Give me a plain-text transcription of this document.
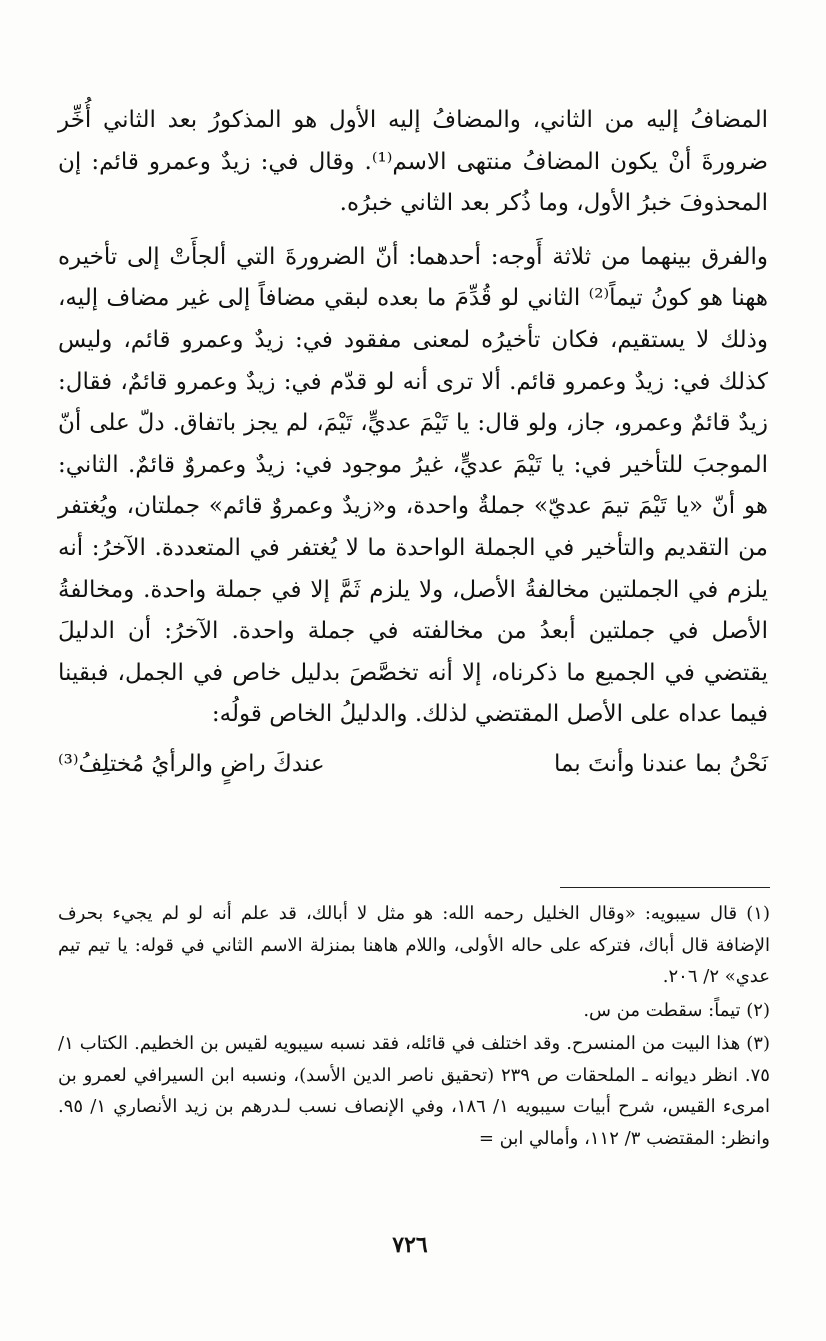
المضافُ إليه من الثاني، والمضافُ إليه الأول هو المذكورُ بعد الثاني أُخِّر ضرورةَ أنْ يكون المضافُ منتهى الاسم⁽¹⁾. وقال في: زيدٌ وعمرو قائم: إن المحذوفَ خبرُ الأول، وما ذُكر بعد الثاني خبرُه.

والفرق بينهما من ثلاثة أَوجه: أحدهما: أنّ الضرورةَ التي ألجأَتْ إلى تأخيره ههنا هو كونُ تيماً⁽²⁾ الثاني لو قُدِّمَ ما بعده لبقي مضافاً إلى غير مضاف إليه، وذلك لا يستقيم، فكان تأخيرُه لمعنى مفقود في: زيدٌ وعمرو قائم، وليس كذلك في: زيدٌ وعمرو قائم. ألا ترى أنه لو قدّم في: زيدٌ وعمرو قائمٌ، فقال: زيدٌ قائمٌ وعمرو، جاز، ولو قال: يا تَيْمَ عديٍّ، تَيْمَ، لم يجز باتفاق. دلّ على أنّ الموجبَ للتأخير في: يا تَيْمَ عديٍّ، غيرُ موجود في: زيدٌ وعمروٌ قائمٌ. الثاني: هو أنّ «يا تَيْمَ تيمَ عديّ» جملةٌ واحدة، و«زيدٌ وعمروٌ قائم» جملتان، ويُغتفر من التقديم والتأخير في الجملة الواحدة ما لا يُغتفر في المتعددة. الآخرُ: أنه يلزم في الجملتين مخالفةُ الأصل، ولا يلزم ثَمَّ إلا في جملة واحدة. ومخالفةُ الأصل في جملتين أبعدُ من مخالفته في جملة واحدة. الآخرُ: أن الدليلَ يقتضي في الجميع ما ذكرناه، إلا أنه تخصَّصَ بدليل خاص في الجمل، فبقينا فيما عداه على الأصل المقتضي لذلك. والدليلُ الخاص قولُه:

نَحْنُ بما عندنا وأنتَ بما
عندكَ راضٍ والرأيُ مُختلِفُ⁽³⁾

(١) قال سيبويه: «وقال الخليل رحمه الله: هو مثل لا أبالك، قد علم أنه لو لم يجيء بحرف الإضافة قال أباك، فتركه على حاله الأولى، واللام هاهنا بمنزلة الاسم الثاني في قوله: يا تيم تيم عدي» ٢/ ٢٠٦.

(٢) تيماً: سقطت من س.

(٣) هذا البيت من المنسرح. وقد اختلف في قائله، فقد نسبه سيبويه لقيس بن الخطيم. الكتاب ١/ ٧٥. انظر ديوانه ـ الملحقات ص ٢٣٩ (تحقيق ناصر الدين الأسد)، ونسبه ابن السيرافي لعمرو بن امرىء القيس، شرح أبيات سيبويه ١/ ١٨٦، وفي الإنصاف نسب لـدرهم بن زيد الأنصاري ١/ ٩٥. وانظر: المقتضب ٣/ ١١٢، وأمالي ابن =

٧٢٦
